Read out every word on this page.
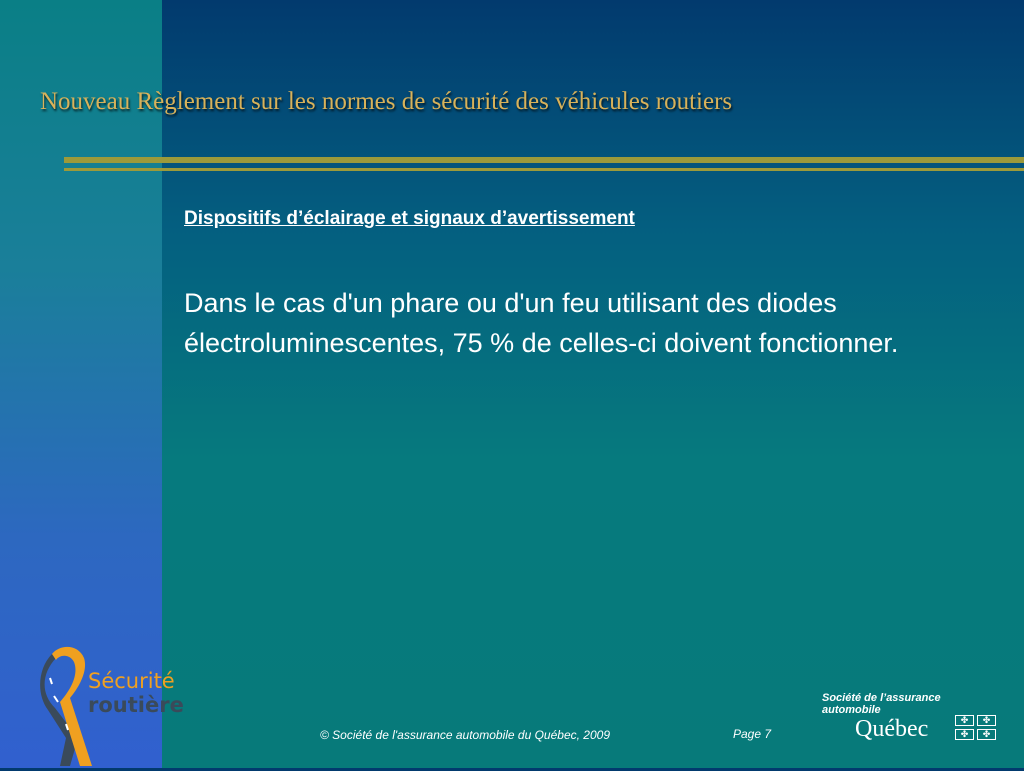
Nouveau Règlement sur les normes de sécurité des véhicules routiers
Dispositifs d’éclairage et signaux d’avertissement

Dans le cas d'un phare ou d'un feu utilisant des diodes électroluminescentes, 75 % de celles-ci doivent fonctionner.

Sécurité
routière
© Société de l'assurance automobile du Québec, 2009	Page 7
Société de l’assurance
automobile
Québec	✤	✤
✤	✤
